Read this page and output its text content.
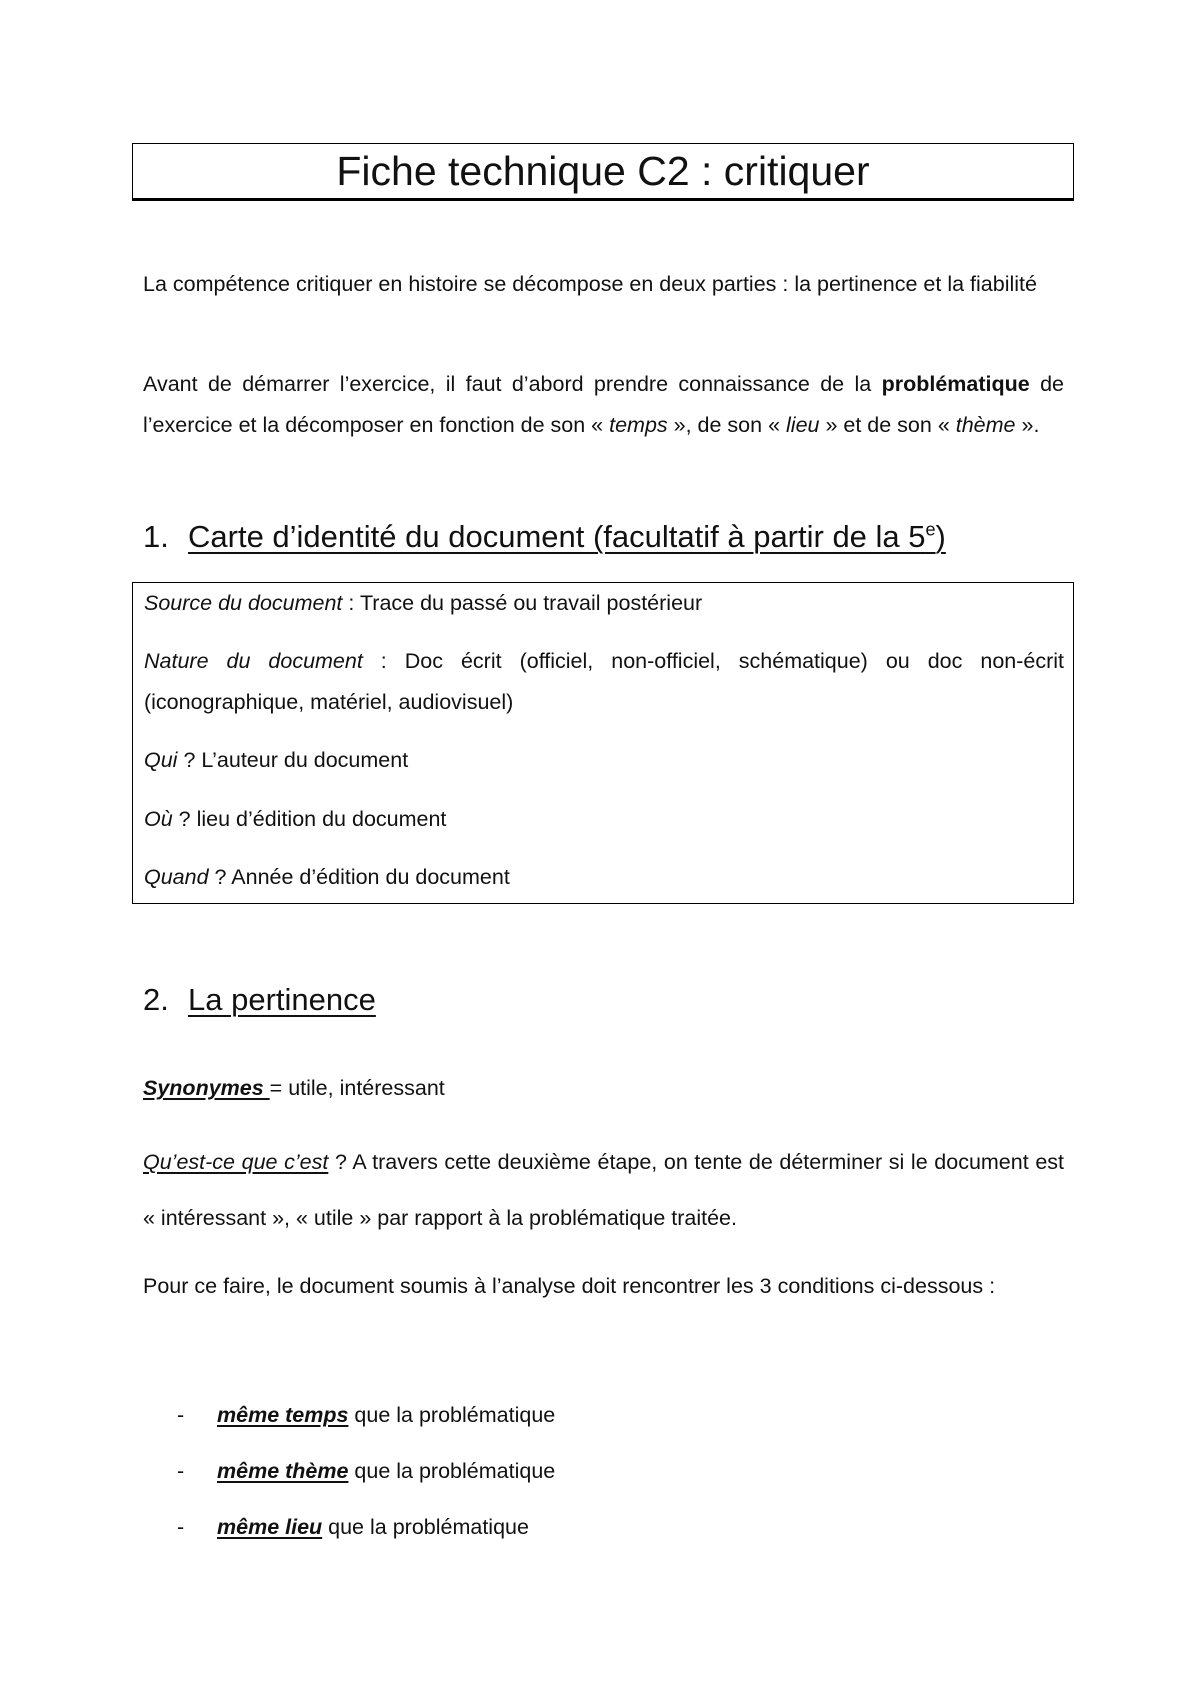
Fiche technique C2 : critiquer

La compétence critiquer en histoire se décompose en deux parties : la pertinence et la fiabilité

Avant de démarrer l’exercice, il faut d’abord prendre connaissance de la problématique de l’exercice et la décomposer en fonction de son « temps », de son « lieu » et de son « thème ».

1. Carte d’identité du document (facultatif à partir de la 5e)

Source du document : Trace du passé ou travail postérieur

Nature du document : Doc écrit (officiel, non-officiel, schématique) ou doc non-écrit (iconographique, matériel, audiovisuel)

Qui ? L’auteur du document

Où ? lieu d’édition du document

Quand ? Année d’édition du document

2. La pertinence

Synonymes = utile, intéressant

Qu’est-ce que c’est ? A travers cette deuxième étape, on tente de déterminer si le document est « intéressant », « utile » par rapport à la problématique traitée.

Pour ce faire, le document soumis à l’analyse doit rencontrer les 3 conditions ci-dessous :

- même temps que la problématique

- même thème que la problématique

- même lieu que la problématique
